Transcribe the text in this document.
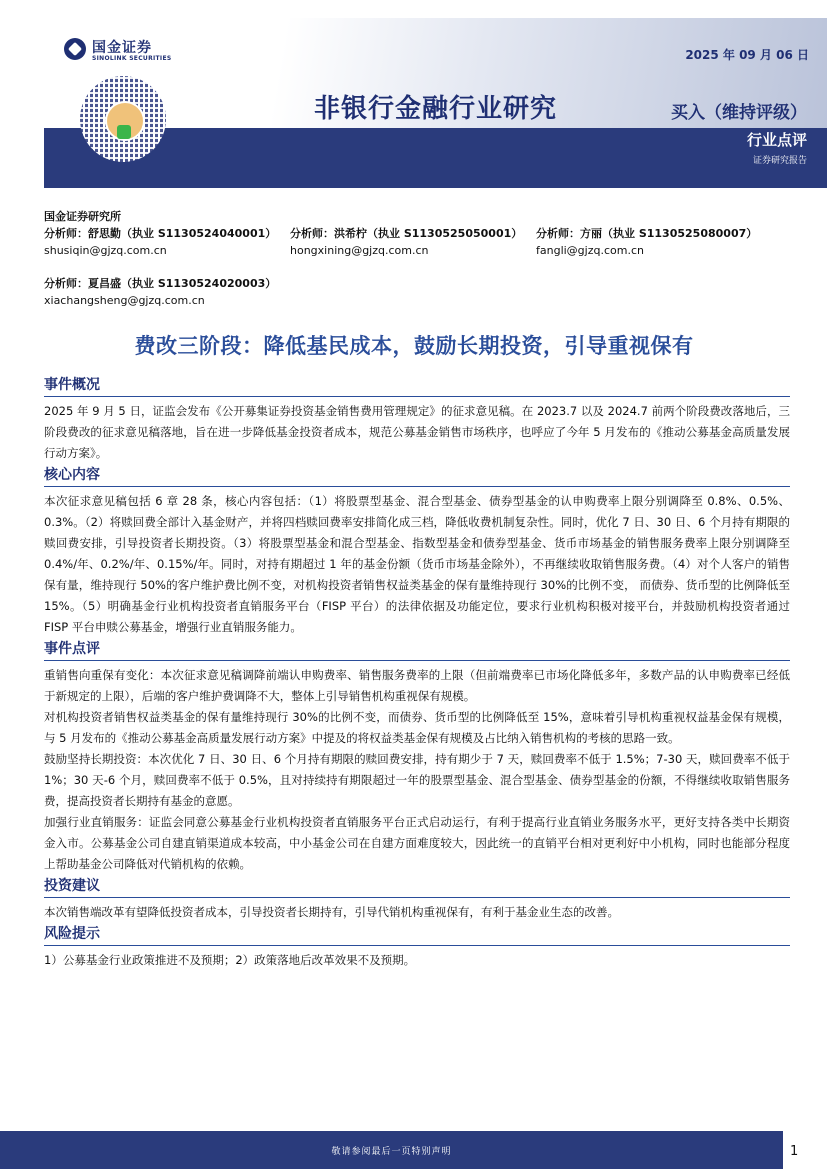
国金证券
SINOLINK SECURITIES	2025 年 09 月 06 日
非银行金融行业研究	买入（维持评级）
行业点评
证券研究报告
国金证券研究所
分析师：舒思勤（执业 S1130524040001）
shusiqin@gjzq.com.cn
分析师：洪希柠（执业 S1130525050001）
hongxining@gjzq.com.cn
分析师：方丽（执业 S1130525080007）
fangli@gjzq.com.cn
分析师：夏昌盛（执业 S1130524020003）
xiachangsheng@gjzq.com.cn
费改三阶段：降低基民成本，鼓励长期投资，引导重视保有
事件概况

2025 年 9 月 5 日，证监会发布《公开募集证券投资基金销售费用管理规定》的征求意见稿。在 2023.7 以及 2024.7 前两个阶段费改落地后，三阶段费改的征求意见稿落地，旨在进一步降低基金投资者成本，规范公募基金销售市场秩序，也呼应了今年 5 月发布的《推动公募基金高质量发展行动方案》。

核心内容

本次征求意见稿包括 6 章 28 条，核心内容包括：（1）将股票型基金、混合型基金、债券型基金的认申购费率上限分别调降至 0.8%、0.5%、0.3%。（2）将赎回费全部计入基金财产，并将四档赎回费率安排简化成三档，降低收费机制复杂性。同时，优化 7 日、30 日、6 个月持有期限的赎回费安排，引导投资者长期投资。（3）将股票型基金和混合型基金、指数型基金和债券型基金、货币市场基金的销售服务费率上限分别调降至 0.4%/年、0.2%/年、0.15%/年。同时，对持有期超过 1 年的基金份额（货币市场基金除外），不再继续收取销售服务费。（4）对个人客户的销售保有量，维持现行 50%的客户维护费比例不变，对机构投资者销售权益类基金的保有量维持现行 30%的比例不变， 而债券、货币型的比例降低至 15%。（5）明确基金行业机构投资者直销服务平台（FISP 平台）的法律依据及功能定位，要求行业机构积极对接平台，并鼓励机构投资者通过 FISP 平台申赎公募基金，增强行业直销服务能力。

事件点评

重销售向重保有变化：本次征求意见稿调降前端认申购费率、销售服务费率的上限（但前端费率已市场化降低多年，多数产品的认申购费率已经低于新规定的上限），后端的客户维护费调降不大，整体上引导销售机构重视保有规模。

对机构投资者销售权益类基金的保有量维持现行 30%的比例不变，而债券、货币型的比例降低至 15%，意味着引导机构重视权益基金保有规模，与 5 月发布的《推动公募基金高质量发展行动方案》中提及的将权益类基金保有规模及占比纳入销售机构的考核的思路一致。

鼓励坚持长期投资：本次优化 7 日、30 日、6 个月持有期限的赎回费安排，持有期少于 7 天，赎回费率不低于 1.5%；7-30 天，赎回费率不低于 1%；30 天-6 个月，赎回费率不低于 0.5%，且对持续持有期限超过一年的股票型基金、混合型基金、债券型基金的份额，不得继续收取销售服务费，提高投资者长期持有基金的意愿。

加强行业直销服务：证监会同意公募基金行业机构投资者直销服务平台正式启动运行，有利于提高行业直销业务服务水平，更好支持各类中长期资金入市。公募基金公司自建直销渠道成本较高，中小基金公司在自建方面难度较大，因此统一的直销平台相对更利好中小机构，同时也能部分程度上帮助基金公司降低对代销机构的依赖。

投资建议

本次销售端改革有望降低投资者成本，引导投资者长期持有，引导代销机构重视保有，有利于基金业生态的改善。

风险提示

1）公募基金行业政策推进不及预期；2）政策落地后改革效果不及预期。

敬请参阅最后一页特别声明	1
